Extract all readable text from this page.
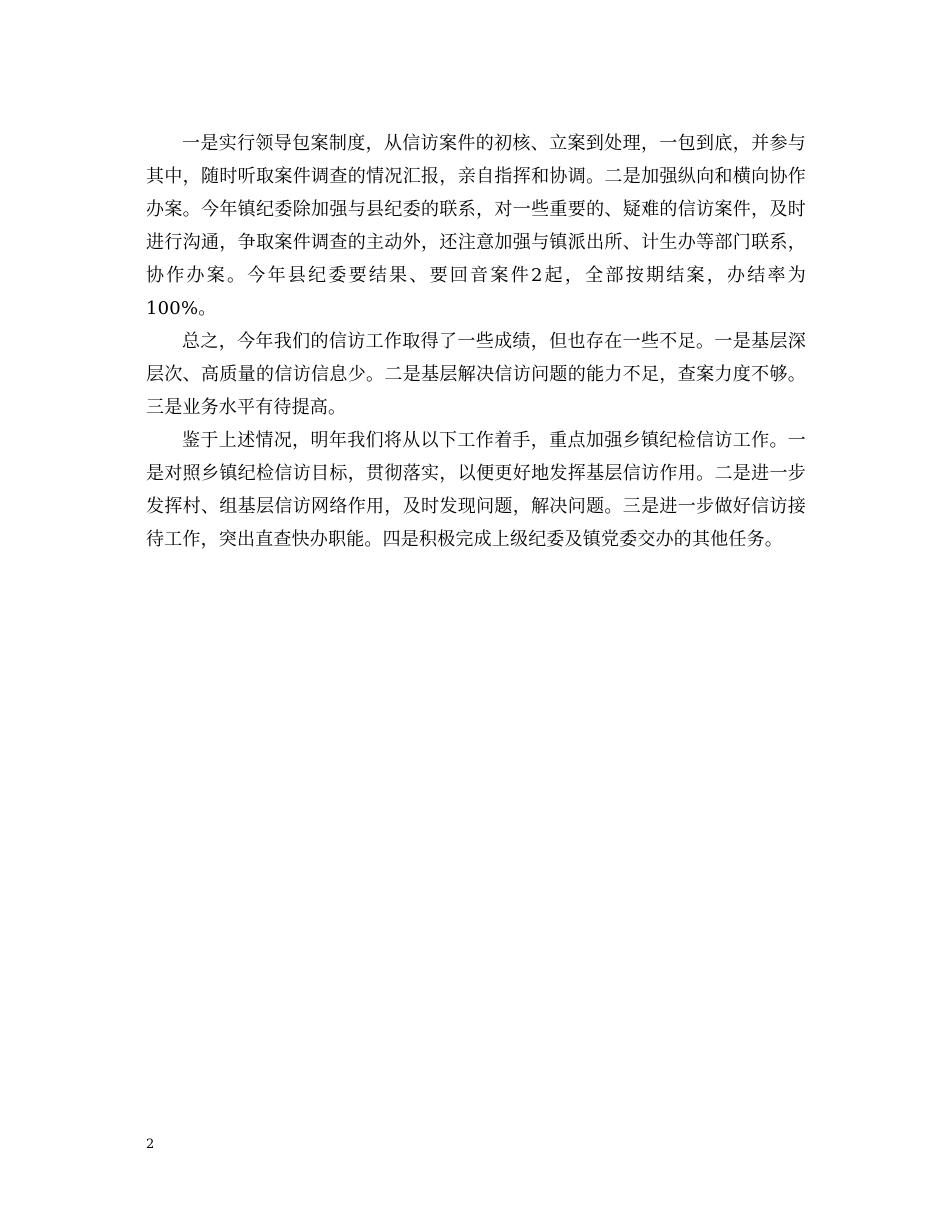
一是实行领导包案制度，从信访案件的初核、立案到处理，一包到底，并参与其中，随时听取案件调查的情况汇报，亲自指挥和协调。二是加强纵向和横向协作办案。今年镇纪委除加强与县纪委的联系，对一些重要的、疑难的信访案件，及时进行沟通，争取案件调查的主动外，还注意加强与镇派出所、计生办等部门联系，协作办案。今年县纪委要结果、要回音案件2起，全部按期结案，办结率为100%。

总之，今年我们的信访工作取得了一些成绩，但也存在一些不足。一是基层深层次、高质量的信访信息少。二是基层解决信访问题的能力不足，查案力度不够。三是业务水平有待提高。

鉴于上述情况，明年我们将从以下工作着手，重点加强乡镇纪检信访工作。一是对照乡镇纪检信访目标，贯彻落实，以便更好地发挥基层信访作用。二是进一步发挥村、组基层信访网络作用，及时发现问题，解决问题。三是进一步做好信访接待工作，突出直查快办职能。四是积极完成上级纪委及镇党委交办的其他任务。

2
